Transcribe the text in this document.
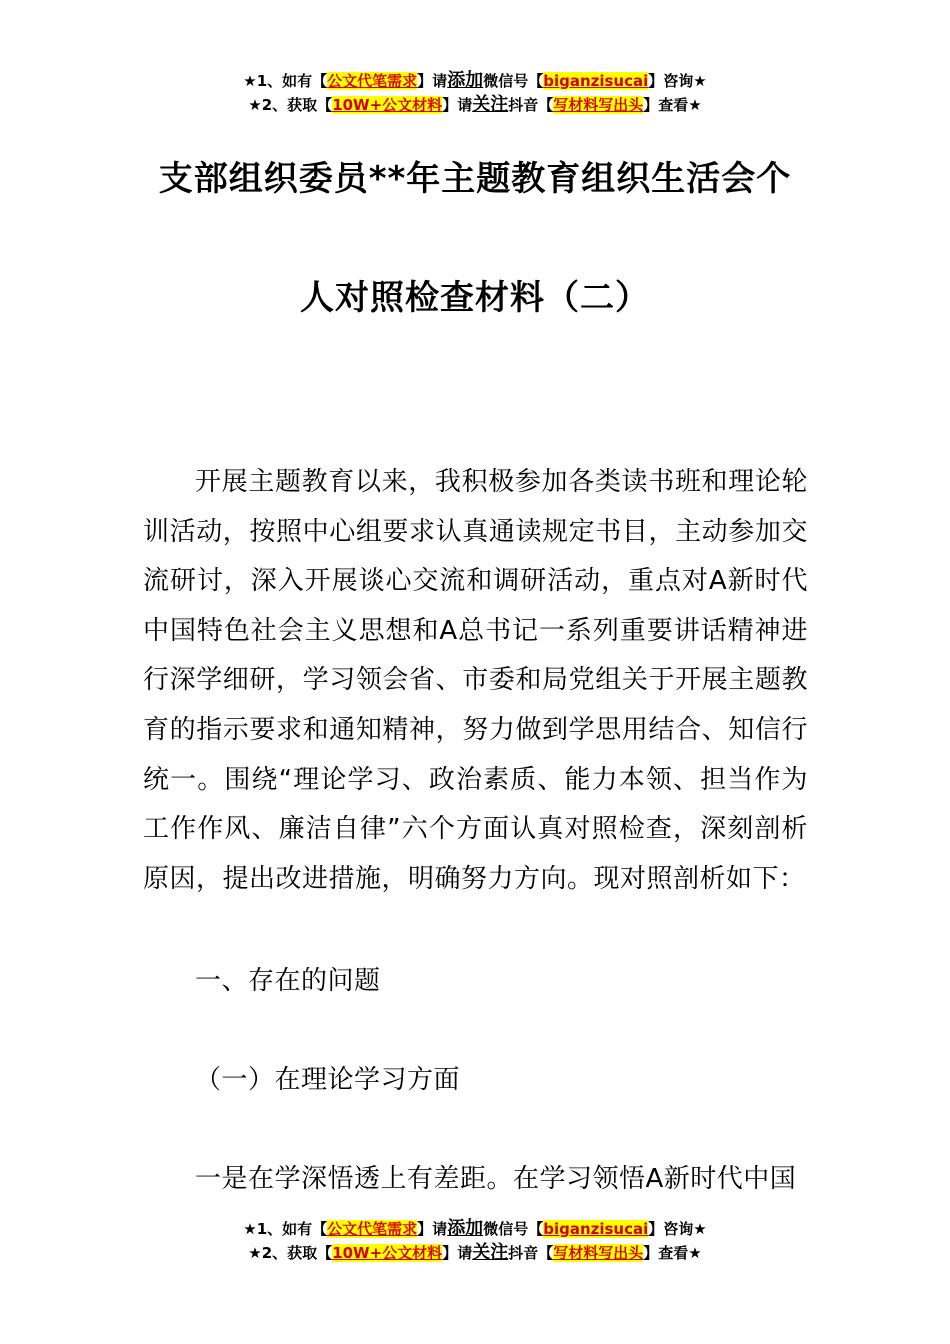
★1、如有【公文代笔需求】请添加微信号【biganzisucai】咨询★
★2、获取【10W+公文材料】请关注抖音【写材料写出头】查看★
支部组织委员**年主题教育组织生活会个
人对照检查材料（二）
开展主题教育以来，我积极参加各类读书班和理论轮训活动，按照中心组要求认真通读规定书目，主动参加交流研讨，深入开展谈心交流和调研活动，重点对A新时代中国特色社会主义思想和A总书记一系列重要讲话精神进行深学细研，学习领会省、市委和局党组关于开展主题教育的指示要求和通知精神，努力做到学思用结合、知信行统一。围绕“理论学习、政治素质、能力本领、担当作为工作作风、廉洁自律”六个方面认真对照检查，深刻剖析原因，提出改进措施，明确努力方向。现对照剖析如下：
一、存在的问题
（一）在理论学习方面
一是在学深悟透上有差距。在学习领悟A新时代中国
★1、如有【公文代笔需求】请添加微信号【biganzisucai】咨询★
★2、获取【10W+公文材料】请关注抖音【写材料写出头】查看★
